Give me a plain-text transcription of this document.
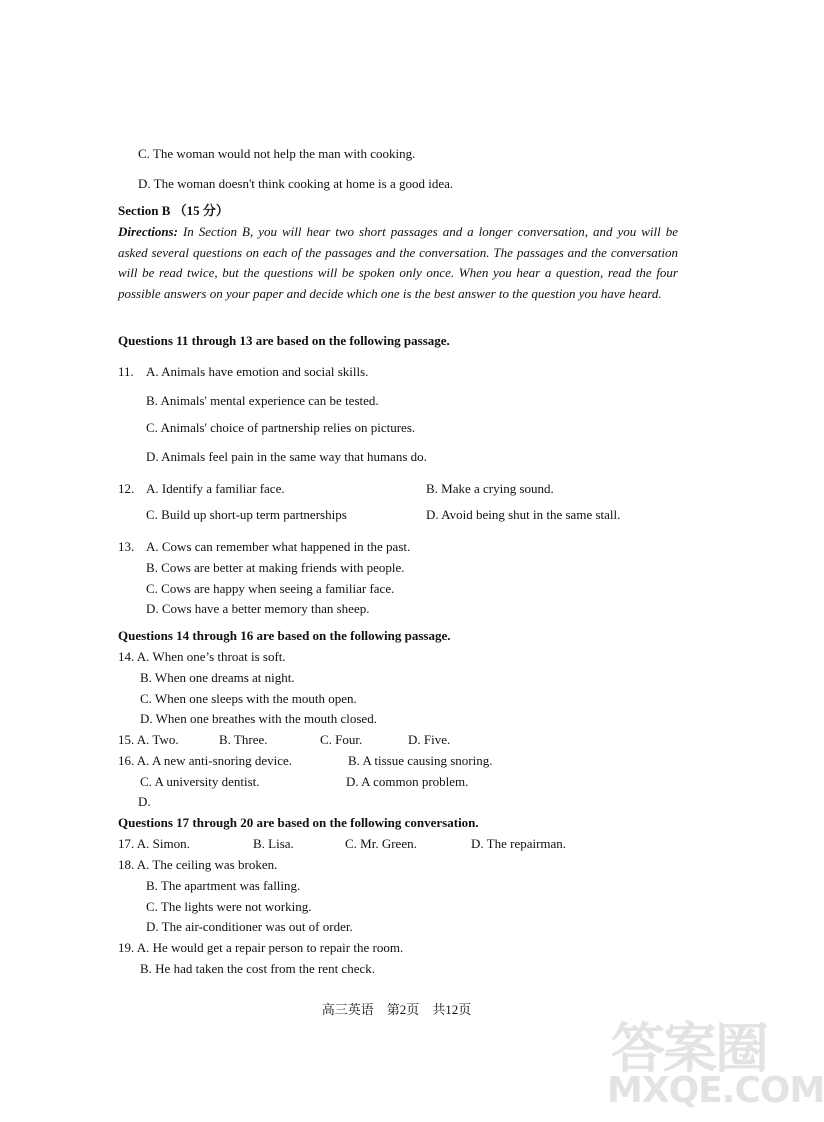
C. The woman would not help the man with cooking.
D. The woman doesn't think cooking at home is a good idea.
Section B （15 分）
Directions: In Section B, you will hear two short passages and a longer conversation, and you will be asked several questions on each of the passages and the conversation. The passages and the conversation will be read twice, but the questions will be spoken only once. When you hear a question, read the four possible answers on your paper and decide which one is the best answer to the question you have heard.
Questions 11 through 13 are based on the following passage.
11. A. Animals have emotion and social skills.
B. Animals' mental experience can be tested.
C. Animals' choice of partnership relies on pictures.
D. Animals feel pain in the same way that humans do.
12. A. Identify a familiar face.	B. Make a crying sound.
C. Build up short-up term partnerships	D. Avoid being shut in the same stall.
13. A. Cows can remember what happened in the past.
B. Cows are better at making friends with people.
C. Cows are happy when seeing a familiar face.
D. Cows have a better memory than sheep.
Questions 14 through 16 are based on the following passage.
14. A. When one’s throat is soft.
B. When one dreams at night.
C. When one sleeps with the mouth open.
D. When one breathes with the mouth closed.
15. A. Two.	B. Three.	C. Four.	D. Five.
16. A. A new anti-snoring device.	B. A tissue causing snoring.
C. A university dentist.	D. A common problem.
D.
Questions 17 through 20 are based on the following conversation.
17. A. Simon.	B. Lisa.	C. Mr. Green.	D. The repairman.
18. A. The ceiling was broken.
B. The apartment was falling.
C. The lights were not working.
D. The air-conditioner was out of order.
19. A. He would get a repair person to repair the room.
B. He had taken the cost from the rent check.
高三英语　第2页　共12页
答案圈
MXQE.COM
